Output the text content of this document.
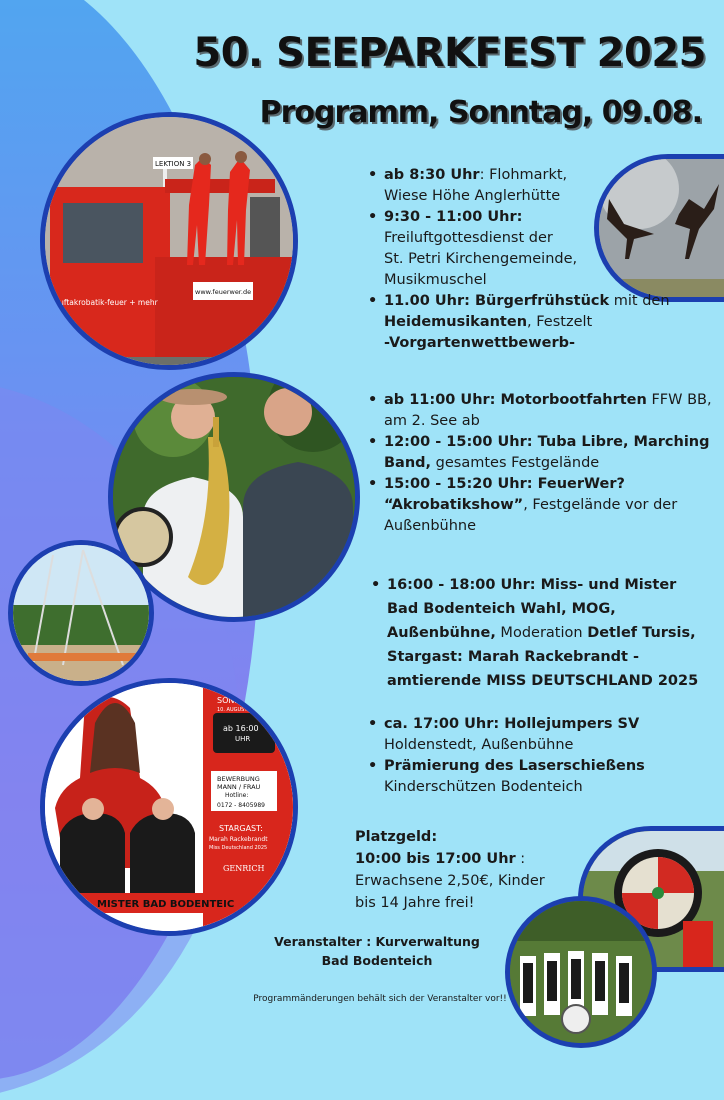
50. SEEPARKFEST 2025
Programm, Sonntag, 09.08.
LEKTION 3
www.feuerwer.de
luftakrobatik-feuer + mehr
SONN
10. AUGUST
ab 16:00
UHR
BEWERBUNG
MANN / FRAU
Hotline:
0172 - 8405989
STARGAST:
Marah Rackebrandt
Miss Deutschland 2025
GENRICH
MISTER BAD BODENTEIC
• ab 8:30 Uhr: Flohmarkt,
Wiese Höhe Anglerhütte
• 9:30 - 11:00 Uhr:
Freiluftgottesdienst der
St. Petri Kirchengemeinde,
Musikmuschel
• 11.00 Uhr: Bürgerfrühstück mit den
Heidemusikanten, Festzelt
-Vorgartenwettbewerb-
• ab 11:00 Uhr: Motorbootfahrten FFW BB,
am 2. See ab
• 12:00 - 15:00 Uhr: Tuba Libre, Marching
Band, gesamtes Festgelände
• 15:00 - 15:20 Uhr: FeuerWer?
“Akrobatikshow”, Festgelände vor der
Außenbühne
• 16:00 - 18:00 Uhr: Miss- und Mister
Bad Bodenteich Wahl, MOG,
Außenbühne, Moderation Detlef Tursis,
Stargast: Marah Rackebrandt -
amtierende MISS DEUTSCHLAND 2025
• ca. 17:00 Uhr: Hollejumpers SV
Holdenstedt, Außenbühne
• Prämierung des Laserschießens
Kinderschützen Bodenteich
Platzgeld:
10:00 bis 17:00 Uhr :
Erwachsene 2,50€, Kinder
bis 14 Jahre frei!
Veranstalter : Kurverwaltung
Bad Bodenteich
Programmänderungen behält sich der Veranstalter vor!!
